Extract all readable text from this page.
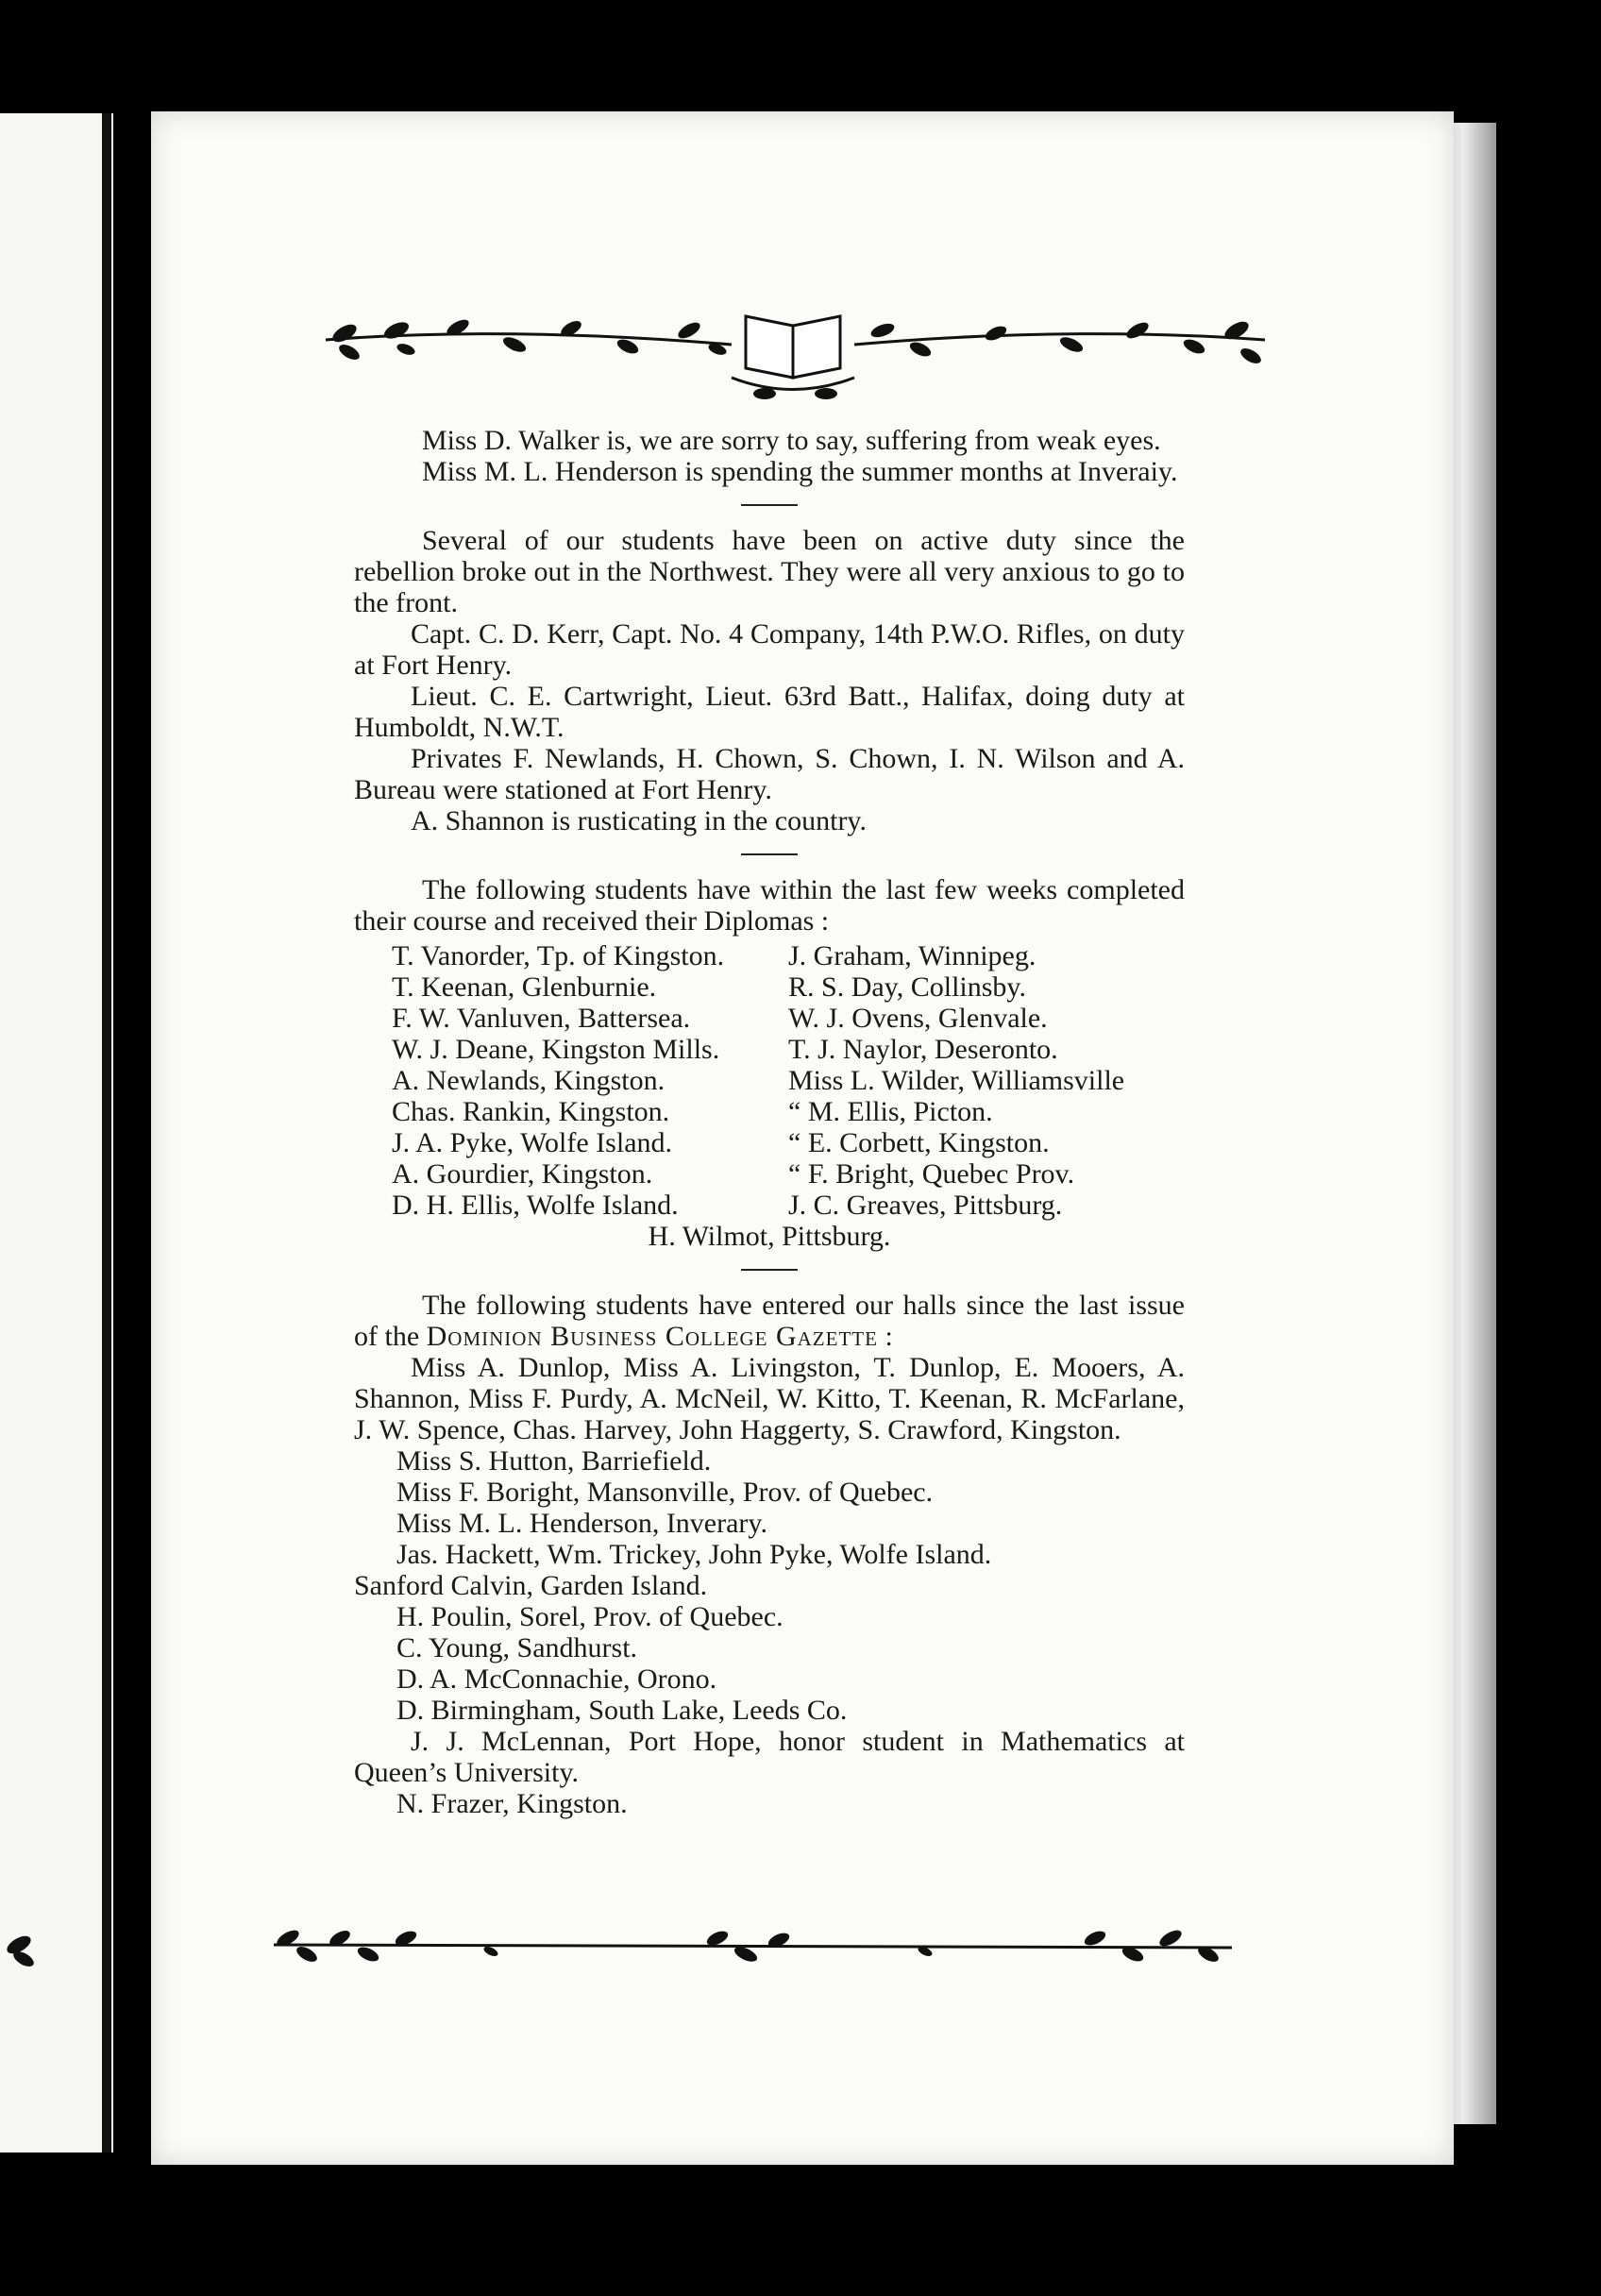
Miss D. Walker is, we are sorry to say, suffering from weak eyes.

Miss M. L. Henderson is spending the summer months at Inveraiy.

Several of our students have been on active duty since the rebellion broke out in the Northwest. They were all very anxious to go to the front.

Capt. C. D. Kerr, Capt. No. 4 Company, 14th P.W.O. Rifles, on duty at Fort Henry.

Lieut. C. E. Cartwright, Lieut. 63rd Batt., Halifax, doing duty at Humboldt, N.W.T.

Privates F. Newlands, H. Chown, S. Chown, I. N. Wilson and A. Bureau were stationed at Fort Henry.

A. Shannon is rusticating in the country.

The following students have within the last few weeks completed their course and received their Diplomas :

T. Vanorder, Tp. of Kingston.
T. Keenan, Glenburnie.
F. W. Vanluven, Battersea.
W. J. Deane, Kingston Mills.
A. Newlands, Kingston.
Chas. Rankin, Kingston.
J. A. Pyke, Wolfe Island.
A. Gourdier, Kingston.
D. H. Ellis, Wolfe Island.
J. Graham, Winnipeg.
R. S. Day, Collinsby.
W. J. Ovens, Glenvale.
T. J. Naylor, Deseronto.
Miss L. Wilder, Williamsville
“ M. Ellis, Picton.
“ E. Corbett, Kingston.
“ F. Bright, Quebec Prov.
J. C. Greaves, Pittsburg.
H. Wilmot, Pittsburg.

The following students have entered our halls since the last issue of the Dominion Business College Gazette :

Miss A. Dunlop, Miss A. Livingston, T. Dunlop, E. Mooers, A. Shannon, Miss F. Purdy, A. McNeil, W. Kitto, T. Keenan, R. McFarlane, J. W. Spence, Chas. Harvey, John Haggerty, S. Crawford, Kingston.

Miss S. Hutton, Barriefield.
Miss F. Boright, Mansonville, Prov. of Quebec.
Miss M. L. Henderson, Inverary.
Jas. Hackett, Wm. Trickey, John Pyke, Wolfe Island.
Sanford Calvin, Garden Island.
H. Poulin, Sorel, Prov. of Quebec.
C. Young, Sandhurst.
D. A. McConnachie, Orono.
D. Birmingham, South Lake, Leeds Co.

J. J. McLennan, Port Hope, honor student in Mathematics at Queen’s University.

N. Frazer, Kingston.
